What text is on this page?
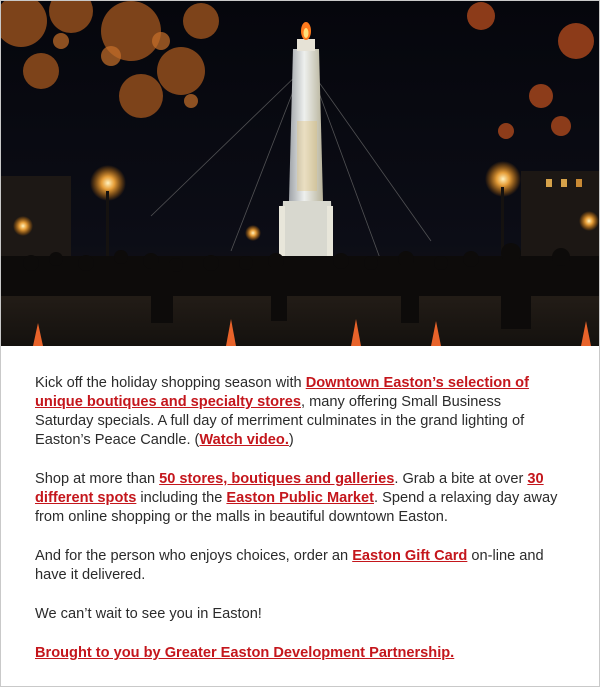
Kick off the holiday shopping season with Downtown Easton’s selection of unique boutiques and specialty stores, many offering Small Business Saturday specials. A full day of merriment culminates in the grand lighting of Easton’s Peace Candle. (Watch video.)

Shop at more than 50 stores, boutiques and galleries. Grab a bite at over 30 different spots including the Easton Public Market. Spend a relaxing day away from online shopping or the malls in beautiful downtown Easton.

And for the person who enjoys choices, order an Easton Gift Card on-line and have it delivered.

We can’t wait to see you in Easton!

Brought to you by Greater Easton Development Partnership.
